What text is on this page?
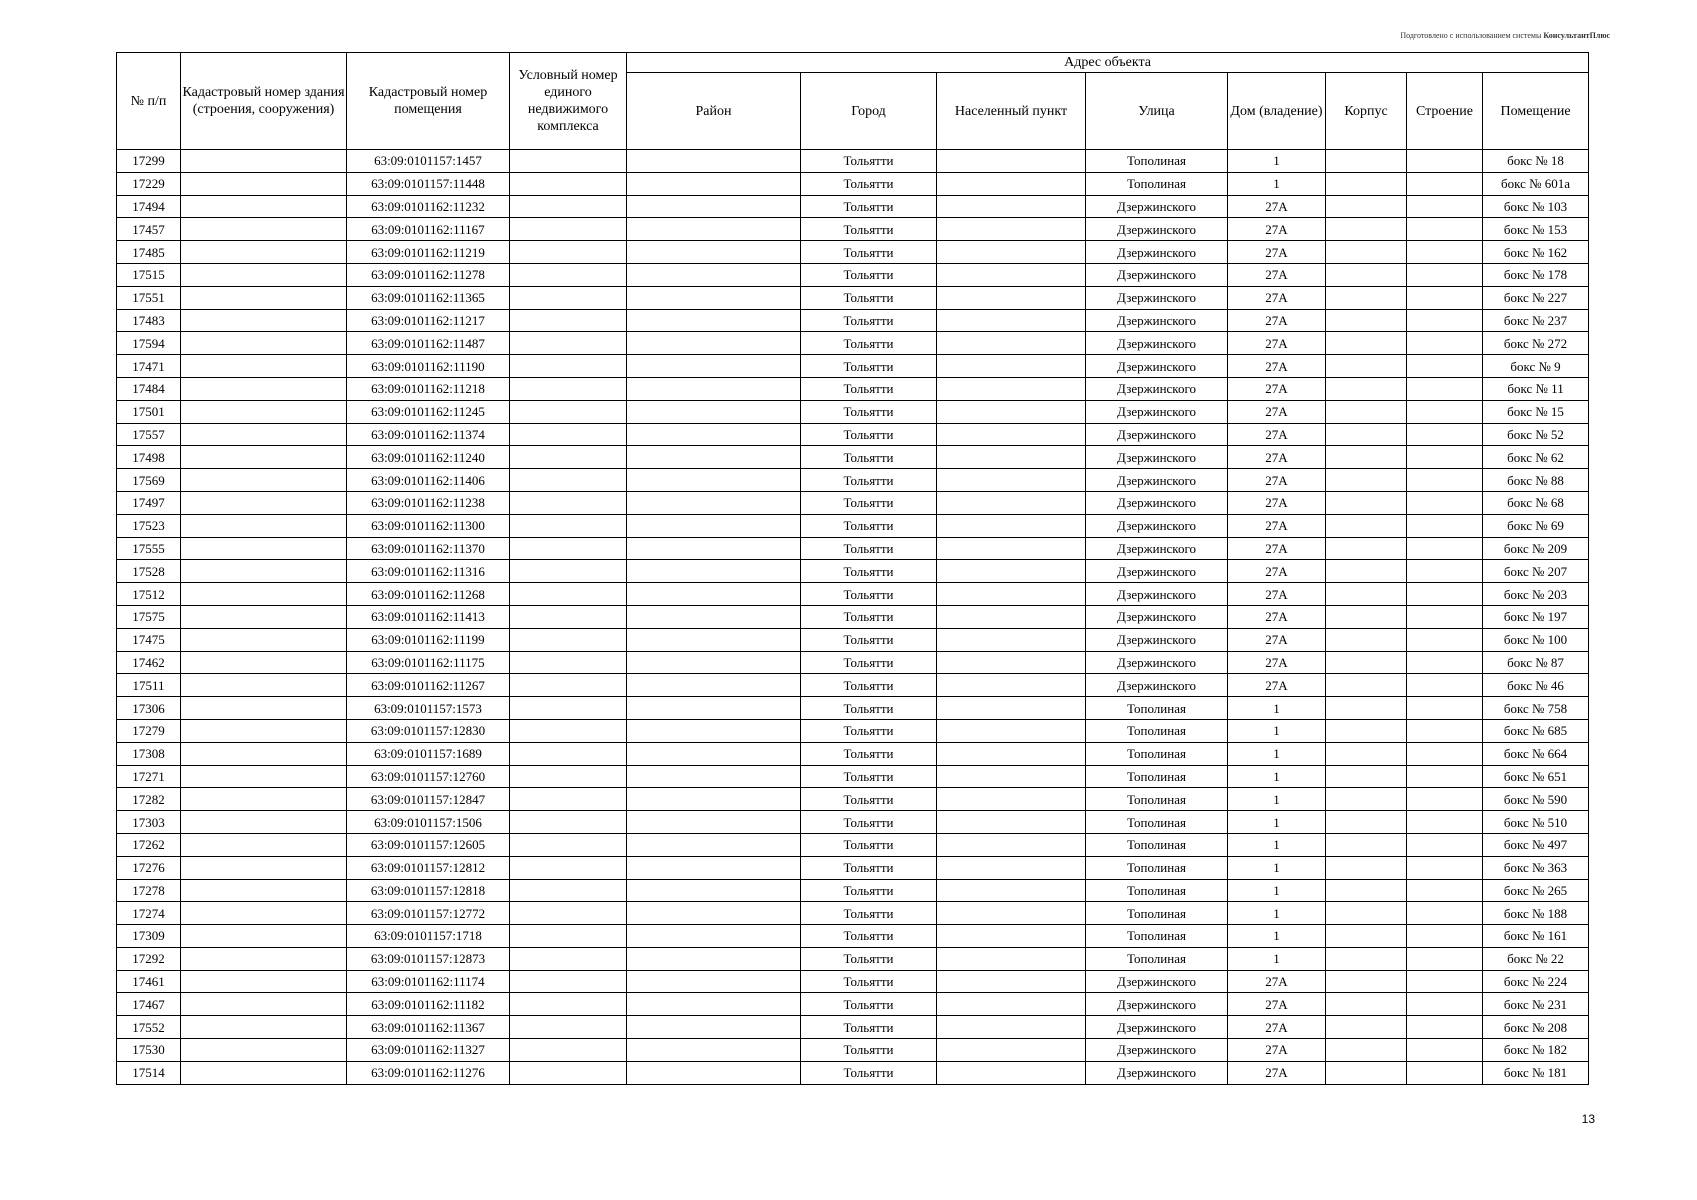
Подготовлено с использованием системы КонсультантПлюс
№ п/п	Кадастровый номер здания (строения, сооружения)	Кадастровый номер помещения	Условный номер единого недвижимого комплекса	Адрес объекта							
				Район	Город	Населенный пункт	Улица	Дом (владение)	Корпус	Строение	Помещение
17299		63:09:0101157:1457			Тольятти		Тополиная	1			бокс № 18
17229		63:09:0101157:11448			Тольятти		Тополиная	1			бокс № 601а
17494		63:09:0101162:11232			Тольятти		Дзержинского	27А			бокс № 103
17457		63:09:0101162:11167			Тольятти		Дзержинского	27А			бокс № 153
17485		63:09:0101162:11219			Тольятти		Дзержинского	27А			бокс № 162
17515		63:09:0101162:11278			Тольятти		Дзержинского	27А			бокс № 178
17551		63:09:0101162:11365			Тольятти		Дзержинского	27А			бокс № 227
17483		63:09:0101162:11217			Тольятти		Дзержинского	27А			бокс № 237
17594		63:09:0101162:11487			Тольятти		Дзержинского	27А			бокс № 272
17471		63:09:0101162:11190			Тольятти		Дзержинского	27А			бокс № 9
17484		63:09:0101162:11218			Тольятти		Дзержинского	27А			бокс № 11
17501		63:09:0101162:11245			Тольятти		Дзержинского	27А			бокс № 15
17557		63:09:0101162:11374			Тольятти		Дзержинского	27А			бокс № 52
17498		63:09:0101162:11240			Тольятти		Дзержинского	27А			бокс № 62
17569		63:09:0101162:11406			Тольятти		Дзержинского	27А			бокс № 88
17497		63:09:0101162:11238			Тольятти		Дзержинского	27А			бокс № 68
17523		63:09:0101162:11300			Тольятти		Дзержинского	27А			бокс № 69
17555		63:09:0101162:11370			Тольятти		Дзержинского	27А			бокс № 209
17528		63:09:0101162:11316			Тольятти		Дзержинского	27А			бокс № 207
17512		63:09:0101162:11268			Тольятти		Дзержинского	27А			бокс № 203
17575		63:09:0101162:11413			Тольятти		Дзержинского	27А			бокс № 197
17475		63:09:0101162:11199			Тольятти		Дзержинского	27А			бокс № 100
17462		63:09:0101162:11175			Тольятти		Дзержинского	27А			бокс № 87
17511		63:09:0101162:11267			Тольятти		Дзержинского	27А			бокс № 46
17306		63:09:0101157:1573			Тольятти		Тополиная	1			бокс № 758
17279		63:09:0101157:12830			Тольятти		Тополиная	1			бокс № 685
17308		63:09:0101157:1689			Тольятти		Тополиная	1			бокс № 664
17271		63:09:0101157:12760			Тольятти		Тополиная	1			бокс № 651
17282		63:09:0101157:12847			Тольятти		Тополиная	1			бокс № 590
17303		63:09:0101157:1506			Тольятти		Тополиная	1			бокс № 510
17262		63:09:0101157:12605			Тольятти		Тополиная	1			бокс № 497
17276		63:09:0101157:12812			Тольятти		Тополиная	1			бокс № 363
17278		63:09:0101157:12818			Тольятти		Тополиная	1			бокс № 265
17274		63:09:0101157:12772			Тольятти		Тополиная	1			бокс № 188
17309		63:09:0101157:1718			Тольятти		Тополиная	1			бокс № 161
17292		63:09:0101157:12873			Тольятти		Тополиная	1			бокс № 22
17461		63:09:0101162:11174			Тольятти		Дзержинского	27А			бокс № 224
17467		63:09:0101162:11182			Тольятти		Дзержинского	27А			бокс № 231
17552		63:09:0101162:11367			Тольятти		Дзержинского	27А			бокс № 208
17530		63:09:0101162:11327			Тольятти		Дзержинского	27А			бокс № 182
17514		63:09:0101162:11276			Тольятти		Дзержинского	27А			бокс № 181
13
